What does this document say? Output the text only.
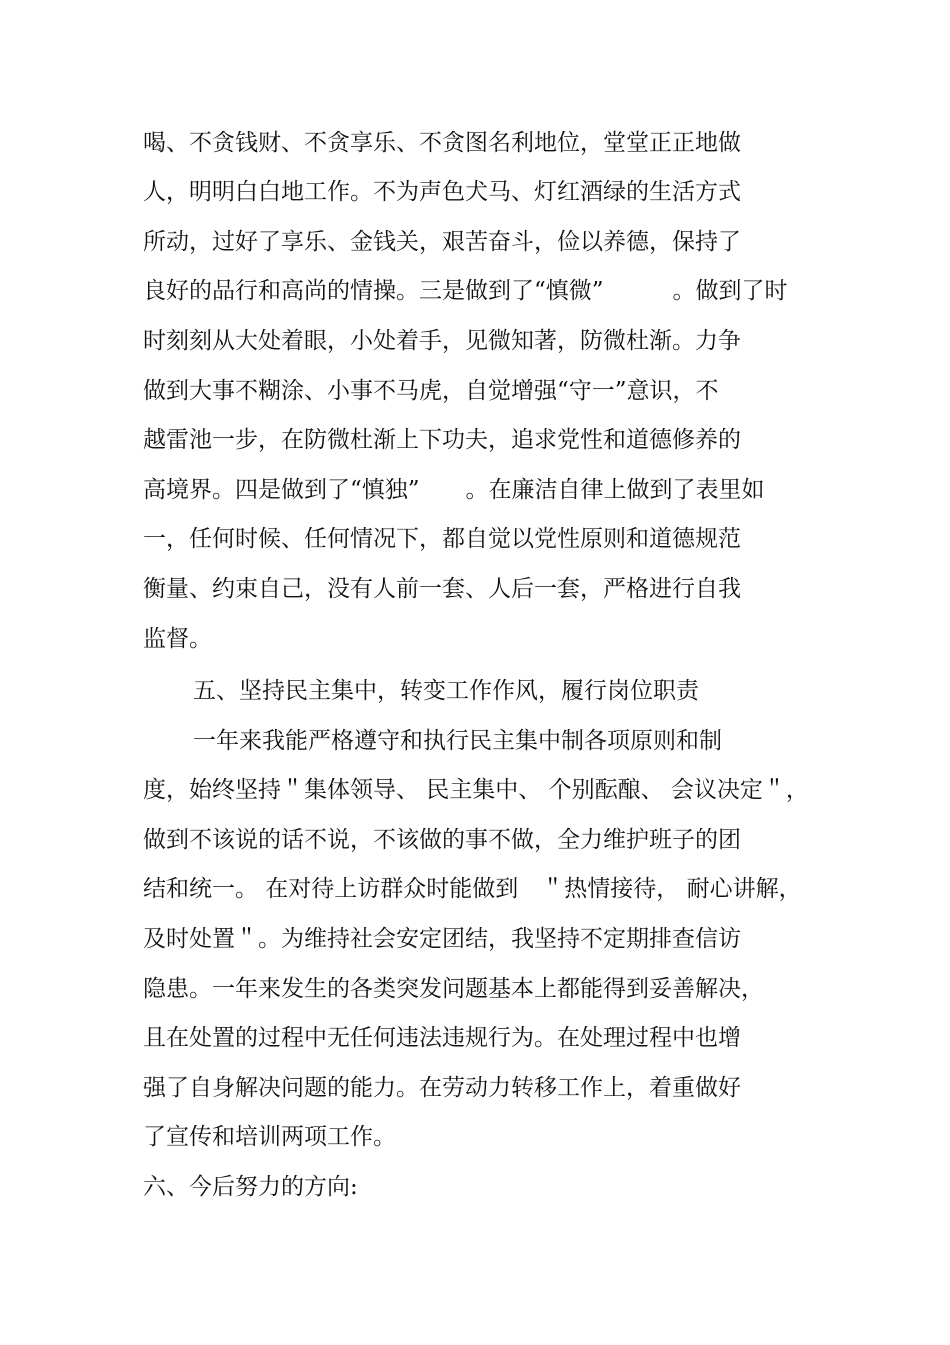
喝、不贪钱财、不贪享乐、不贪图名利地位，堂堂正正地做
人，明明白白地工作。不为声色犬马、灯红酒绿的生活方式
所动，过好了享乐、金钱关，艰苦奋斗，俭以养德，保持了
良好的品行和高尚的情操。三是做到了“慎微”　　　。做到了时
时刻刻从大处着眼，小处着手，见微知著，防微杜渐。力争
做到大事不糊涂、小事不马虎，自觉增强“守一”意识，不
越雷池一步，在防微杜渐上下功夫，追求党性和道德修养的
高境界。四是做到了“慎独”　　。在廉洁自律上做到了表里如
一，任何时候、任何情况下，都自觉以党性原则和道德规范
衡量、约束自己，没有人前一套、人后一套，严格进行自我
监督。
五、坚持民主集中，转变工作作风，履行岗位职责
一年来我能严格遵守和执行民主集中制各项原则和制
度，始终坚持＂集体领导、 民主集中、 个别酝酿、 会议决定＂，
做到不该说的话不说，不该做的事不做，全力维护班子的团
结和统一。 在对待上访群众时能做到　＂热情接待， 耐心讲解，
及时处置＂。为维持社会安定团结，我坚持不定期排查信访
隐患。一年来发生的各类突发问题基本上都能得到妥善解决，
且在处置的过程中无任何违法违规行为。在处理过程中也增
强了自身解决问题的能力。在劳动力转移工作上，着重做好
了宣传和培训两项工作。
六、今后努力的方向:
